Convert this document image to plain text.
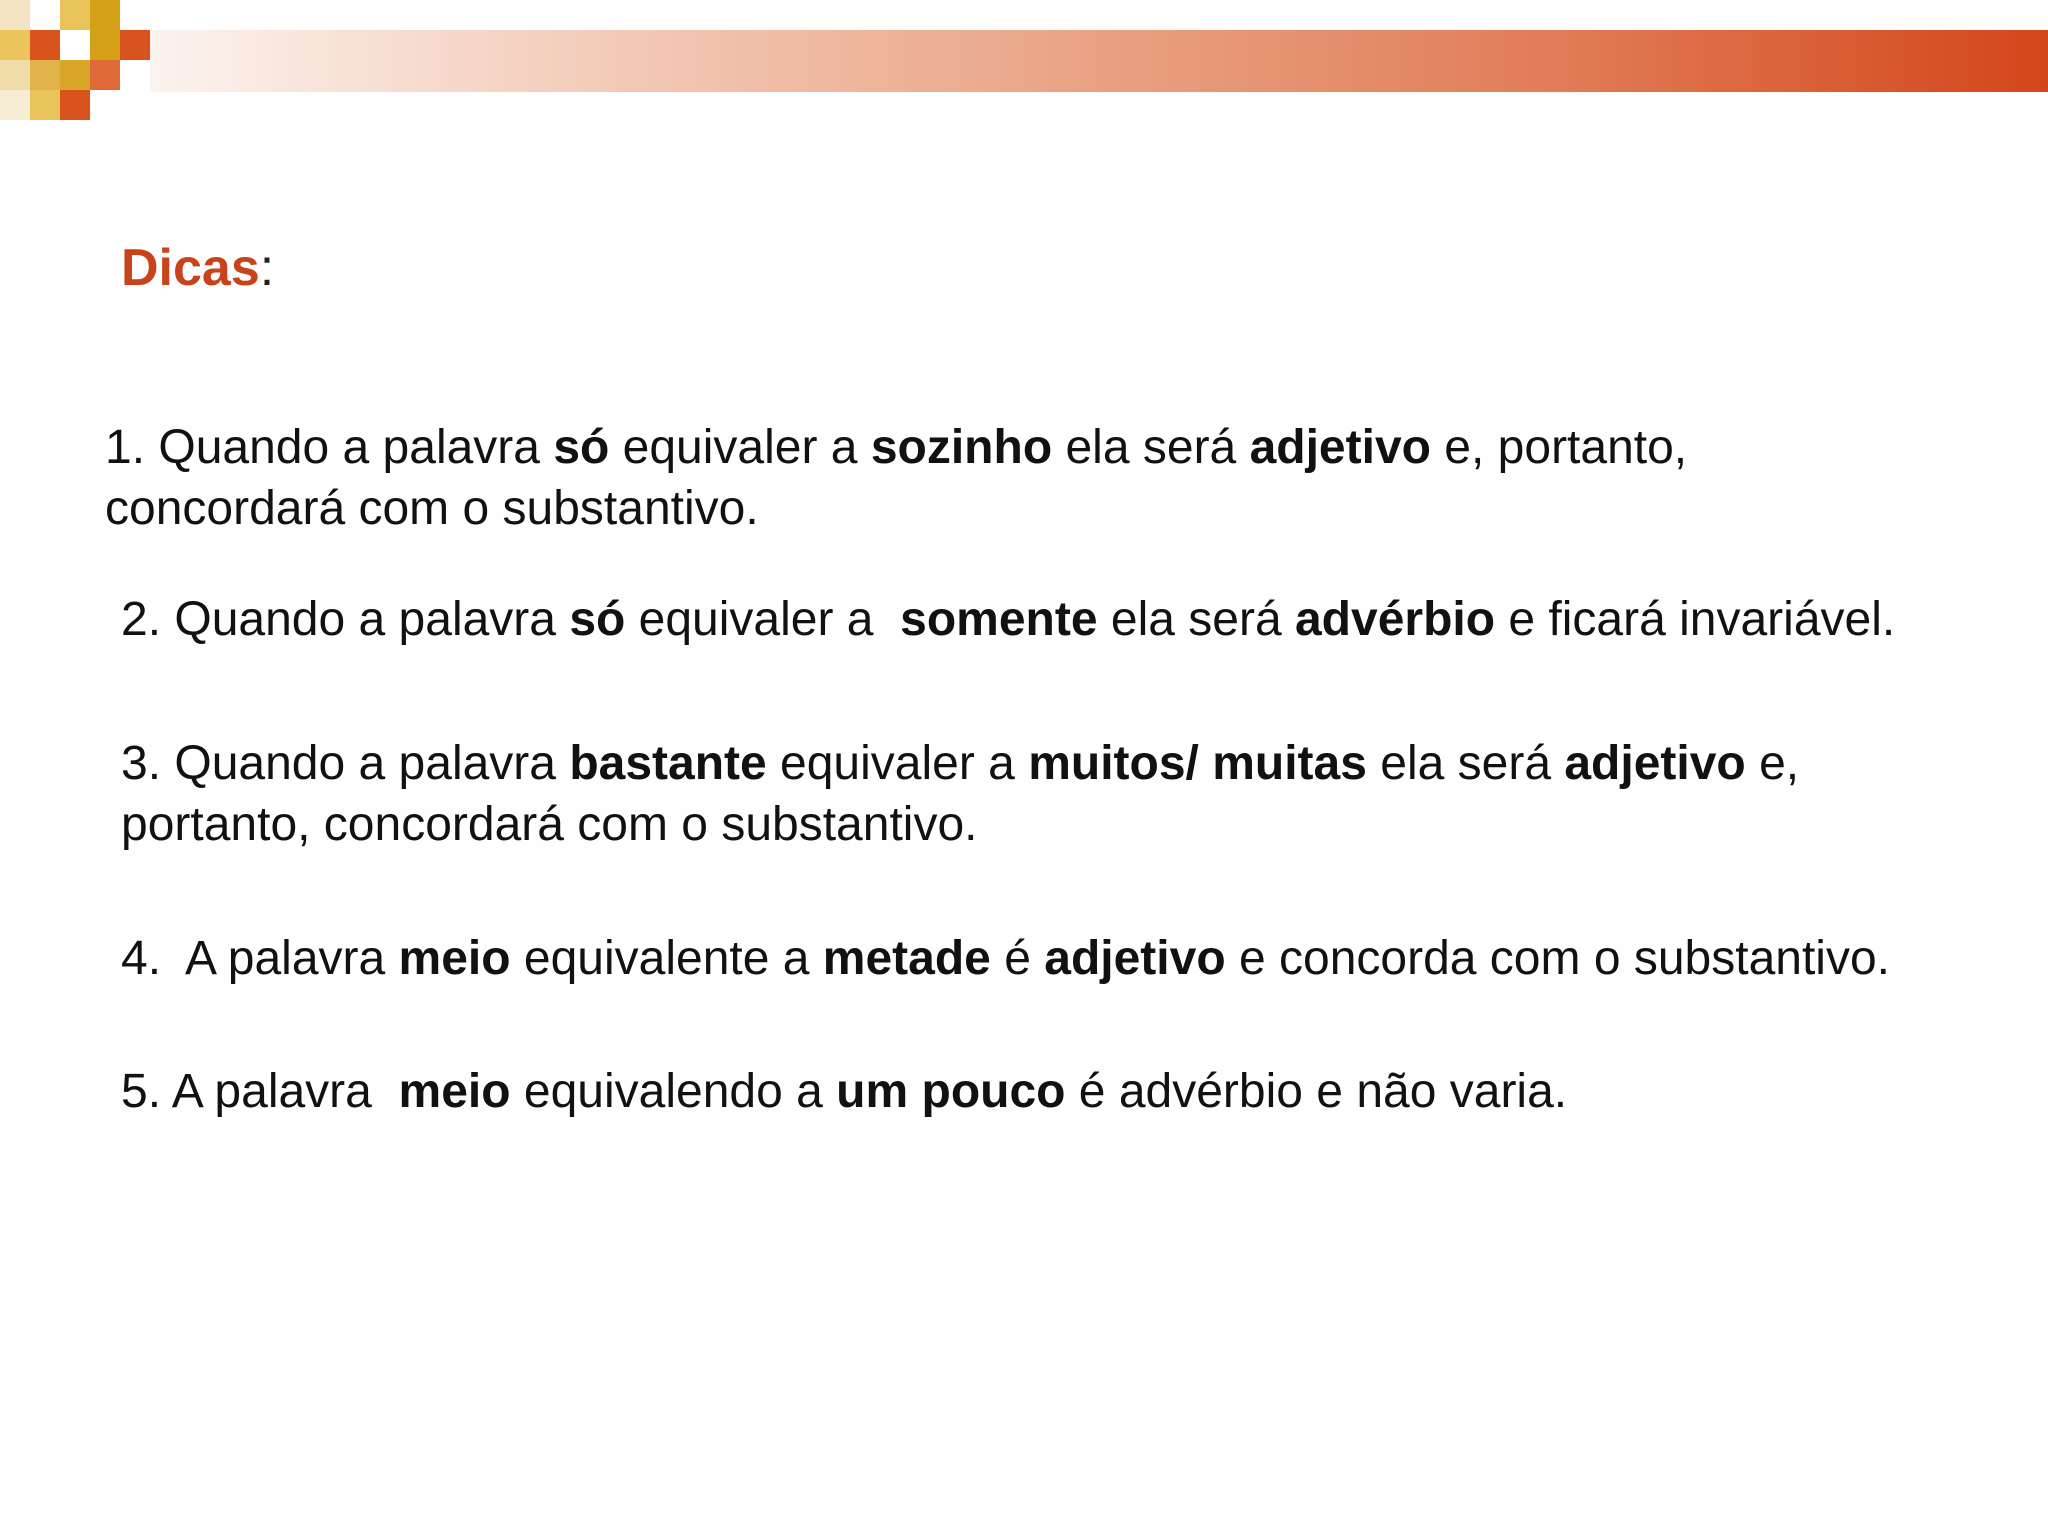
Dicas:
1. Quando a palavra só equivaler a sozinho ela será adjetivo e, portanto,
concordará com o substantivo.
2. Quando a palavra só equivaler a  somente ela será advérbio e ficará invariável.
3. Quando a palavra bastante equivaler a muitos/ muitas ela será adjetivo e,
portanto, concordará com o substantivo.
4.  A palavra meio equivalente a metade é adjetivo e concorda com o substantivo.
5. A palavra  meio equivalendo a um pouco é advérbio e não varia.
